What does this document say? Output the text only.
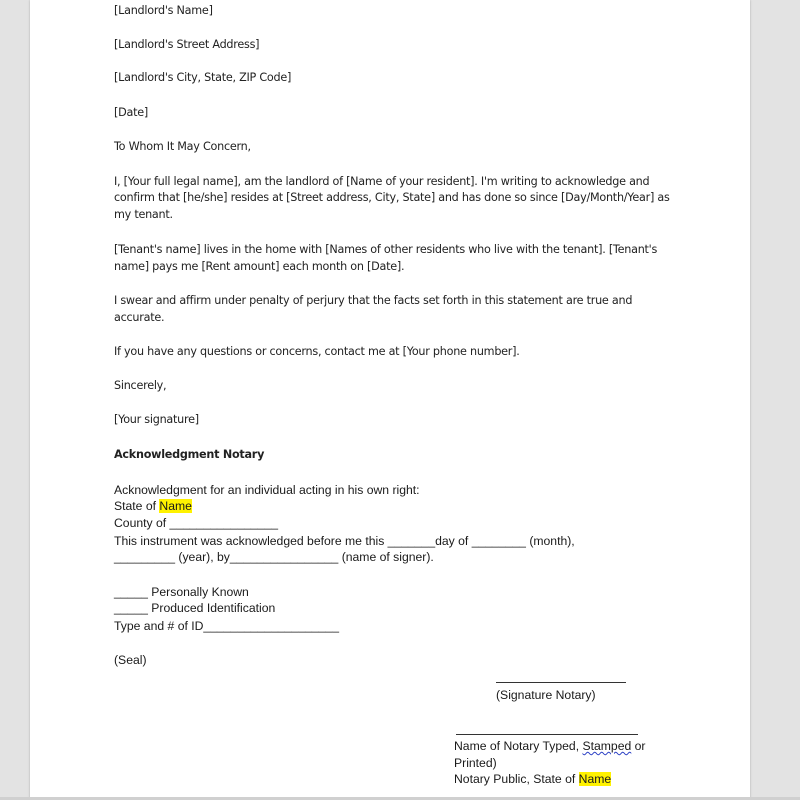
[Landlord's Name]
[Landlord's Street Address]
[Landlord's City, State, ZIP Code]
[Date]
To Whom It May Concern,
I, [Your full legal name], am the landlord of [Name of your resident]. I'm writing to acknowledge and
confirm that [he/she] resides at [Street address, City, State] and has done so since [Day/Month/Year] as
my tenant.
[Tenant's name] lives in the home with [Names of other residents who live with the tenant]. [Tenant's
name] pays me [Rent amount] each month on [Date].
I swear and affirm under penalty of perjury that the facts set forth in this statement are true and
accurate.
If you have any questions or concerns, contact me at [Your phone number].
Sincerely,
[Your signature]
Acknowledgment Notary
Acknowledgment for an individual acting in his own right:
State of Name
County of ________________
This instrument was acknowledged before me this _______day of ________ (month),
_________ (year), by________________ (name of signer).
_____ Personally Known
_____ Produced Identification
Type and # of ID____________________
(Seal)
(Signature Notary)
Name of Notary Typed, Stamped or
Printed)
Notary Public, State of Name
